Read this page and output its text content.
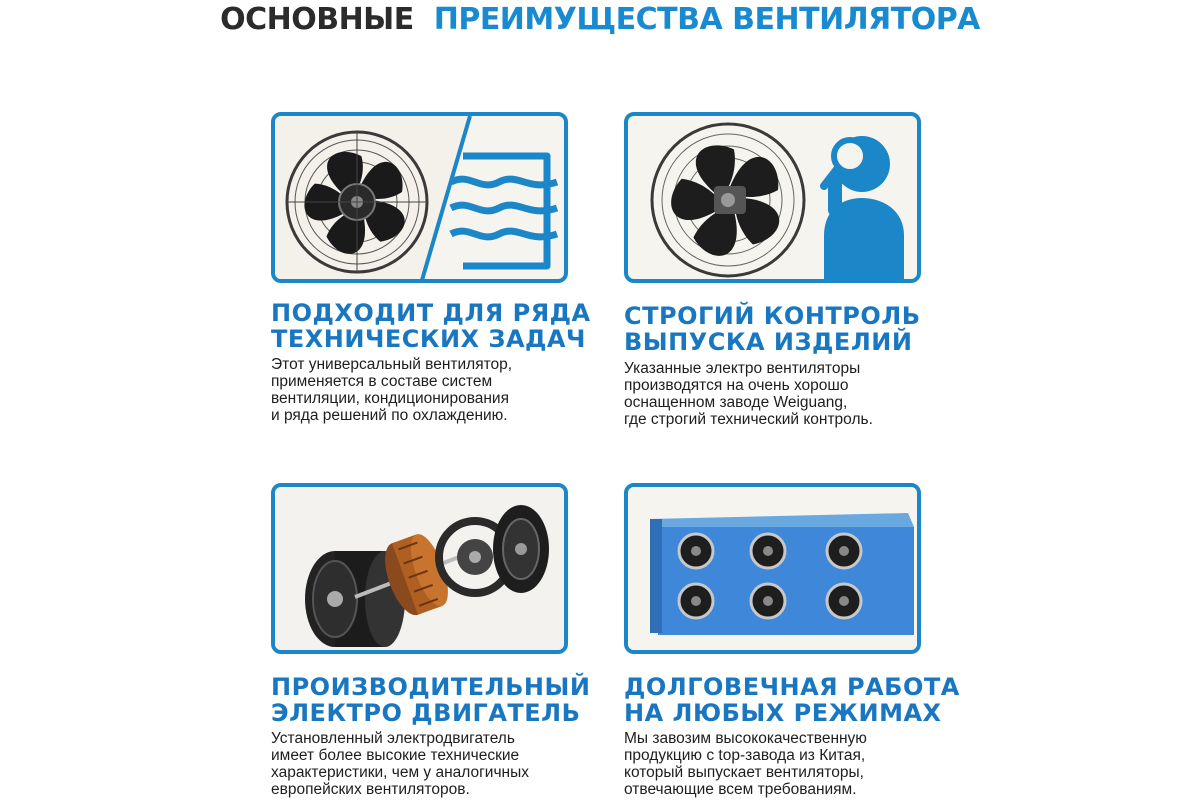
ОСНОВНЫЕ ПРЕИМУЩЕСТВА ВЕНТИЛЯТОРА
ПОДХОДИТ ДЛЯ РЯДА
ТЕХНИЧЕСКИХ ЗАДАЧ
Этот универсальный вентилятор,
применяется в составе систем
вентиляции, кондиционирования
и ряда решений по охлаждению.
СТРОГИЙ КОНТРОЛЬ
ВЫПУСКА ИЗДЕЛИЙ
Указанные электро вентиляторы
производятся на очень хорошо
оснащенном заводе Weiguang,
где строгий технический контроль.
ПРОИЗВОДИТЕЛЬНЫЙ
ЭЛЕКТРО ДВИГАТЕЛЬ
Установленный электродвигатель
имеет более высокие технические
характеристики, чем у аналогичных
европейских вентиляторов.
ДОЛГОВЕЧНАЯ РАБОТА
НА ЛЮБЫХ РЕЖИМАХ
Мы завозим высококачественную
продукцию с top-завода из Китая,
который выпускает вентиляторы,
отвечающие всем требованиям.
